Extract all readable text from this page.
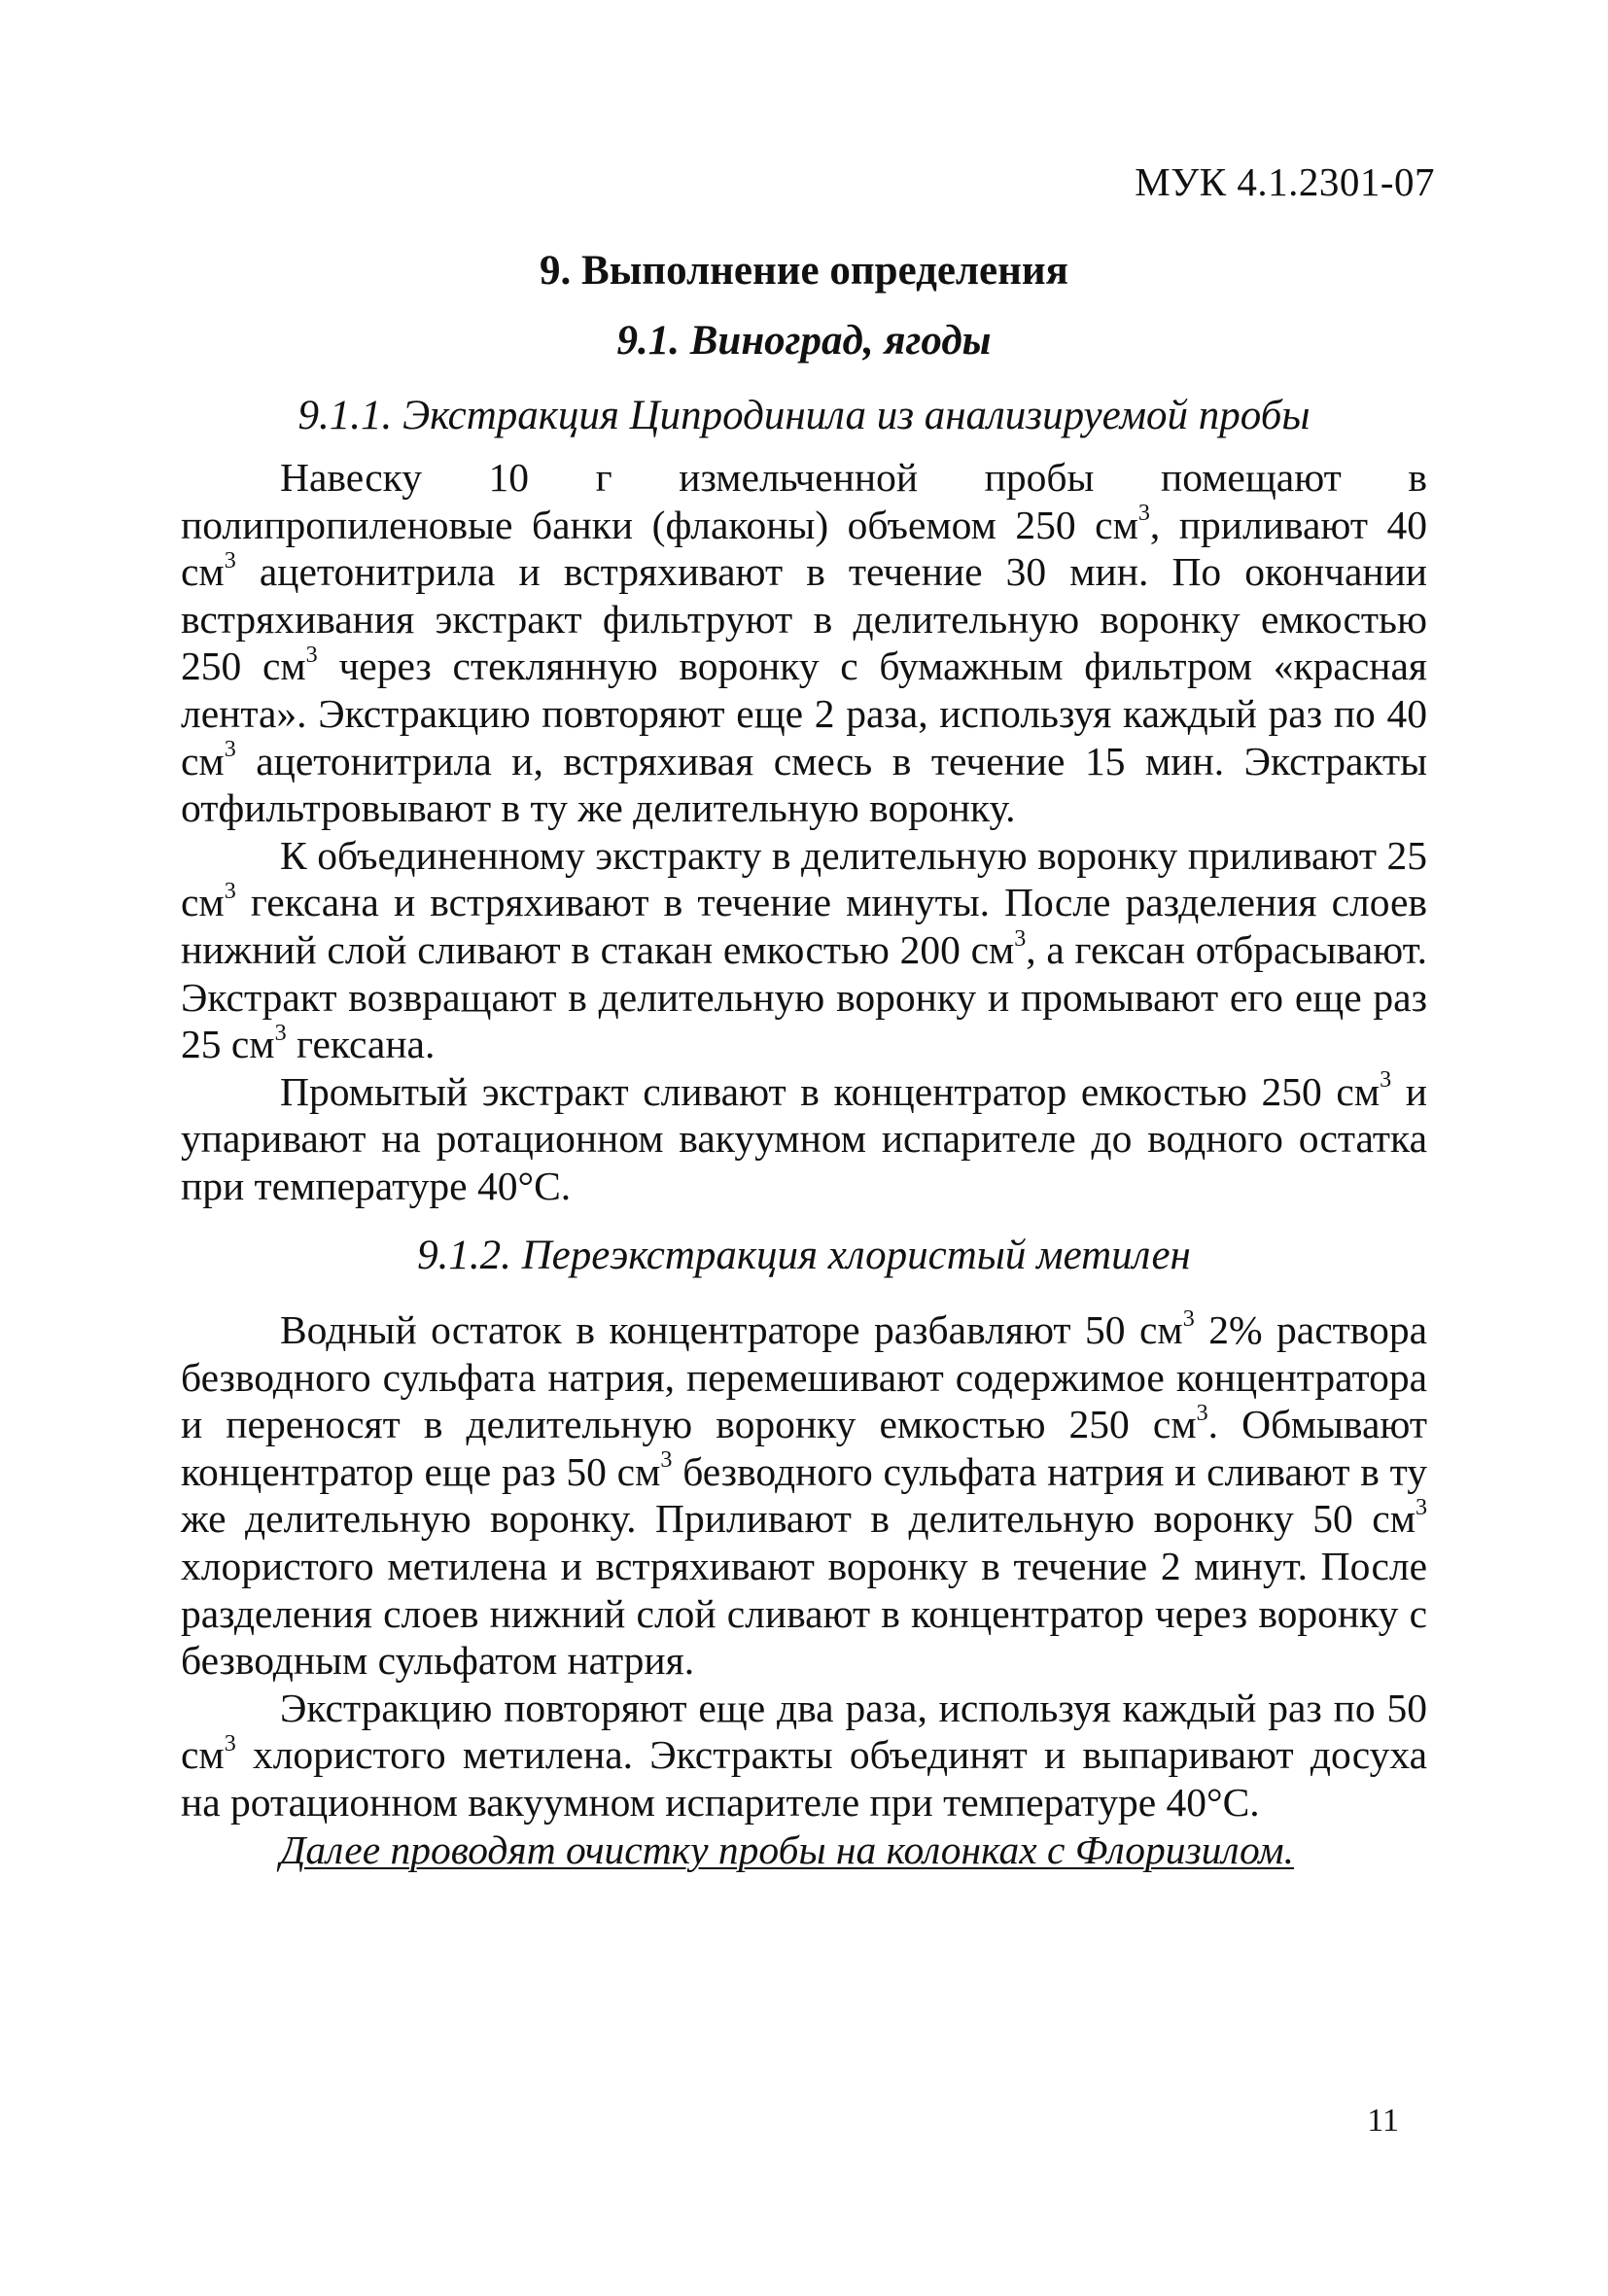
МУК 4.1.2301-07
9. Выполнение определения
9.1. Виноград, ягоды
9.1.1. Экстракция Ципродинила из анализируемой пробы

Навеску 10 г измельченной пробы помещают в полипропиленовые банки (флаконы) объемом 250 $см^3$, приливают 40 $см^3$ ацетонитрила и встряхивают в течение 30 мин. По окончании встряхивания экстракт фильтруют в делительную воронку емкостью 250 $см^3$ через стеклянную воронку с бумажным фильтром «красная лента». Экстракцию повторяют еще 2 раза, используя каждый раз по 40 $см^3$ ацетонитрила и, встряхивая смесь в течение 15 мин. Экстракты отфильтровывают в ту же делительную воронку.

К объединенному экстракту в делительную воронку приливают 25 $см^3$ гексана и встряхивают в течение минуты. После разделения слоев нижний слой сливают в стакан емкостью 200 $см^3$, а гексан отбрасывают. Экстракт возвращают в делительную воронку и промывают его еще раз 25 $см^3$ гексана.

Промытый экстракт сливают в концентратор емкостью 250 $см^3$ и упаривают на ротационном вакуумном испарителе до водного остатка при температуре 40°С.

9.1.2. Переэкстракция хлористый метилен

Водный остаток в концентраторе разбавляют 50 $см^3$ 2% раствора безводного сульфата натрия, перемешивают содержимое концентратора и переносят в делительную воронку емкостью 250 $см^3$. Обмывают концентратор еще раз 50 $см^3$ безводного сульфата натрия и сливают в ту же делительную воронку. Приливают в делительную воронку 50 $см^3$ хлористого метилена и встряхивают воронку в течение 2 минут. После разделения слоев нижний слой сливают в концентратор через воронку с безводным сульфатом натрия.

Экстракцию повторяют еще два раза, используя каждый раз по 50 $см^3$ хлористого метилена. Экстракты объединят и выпаривают досуха на ротационном вакуумном испарителе при температуре 40°С.

Далее проводят очистку пробы на колонках с Флоризилом.

11
